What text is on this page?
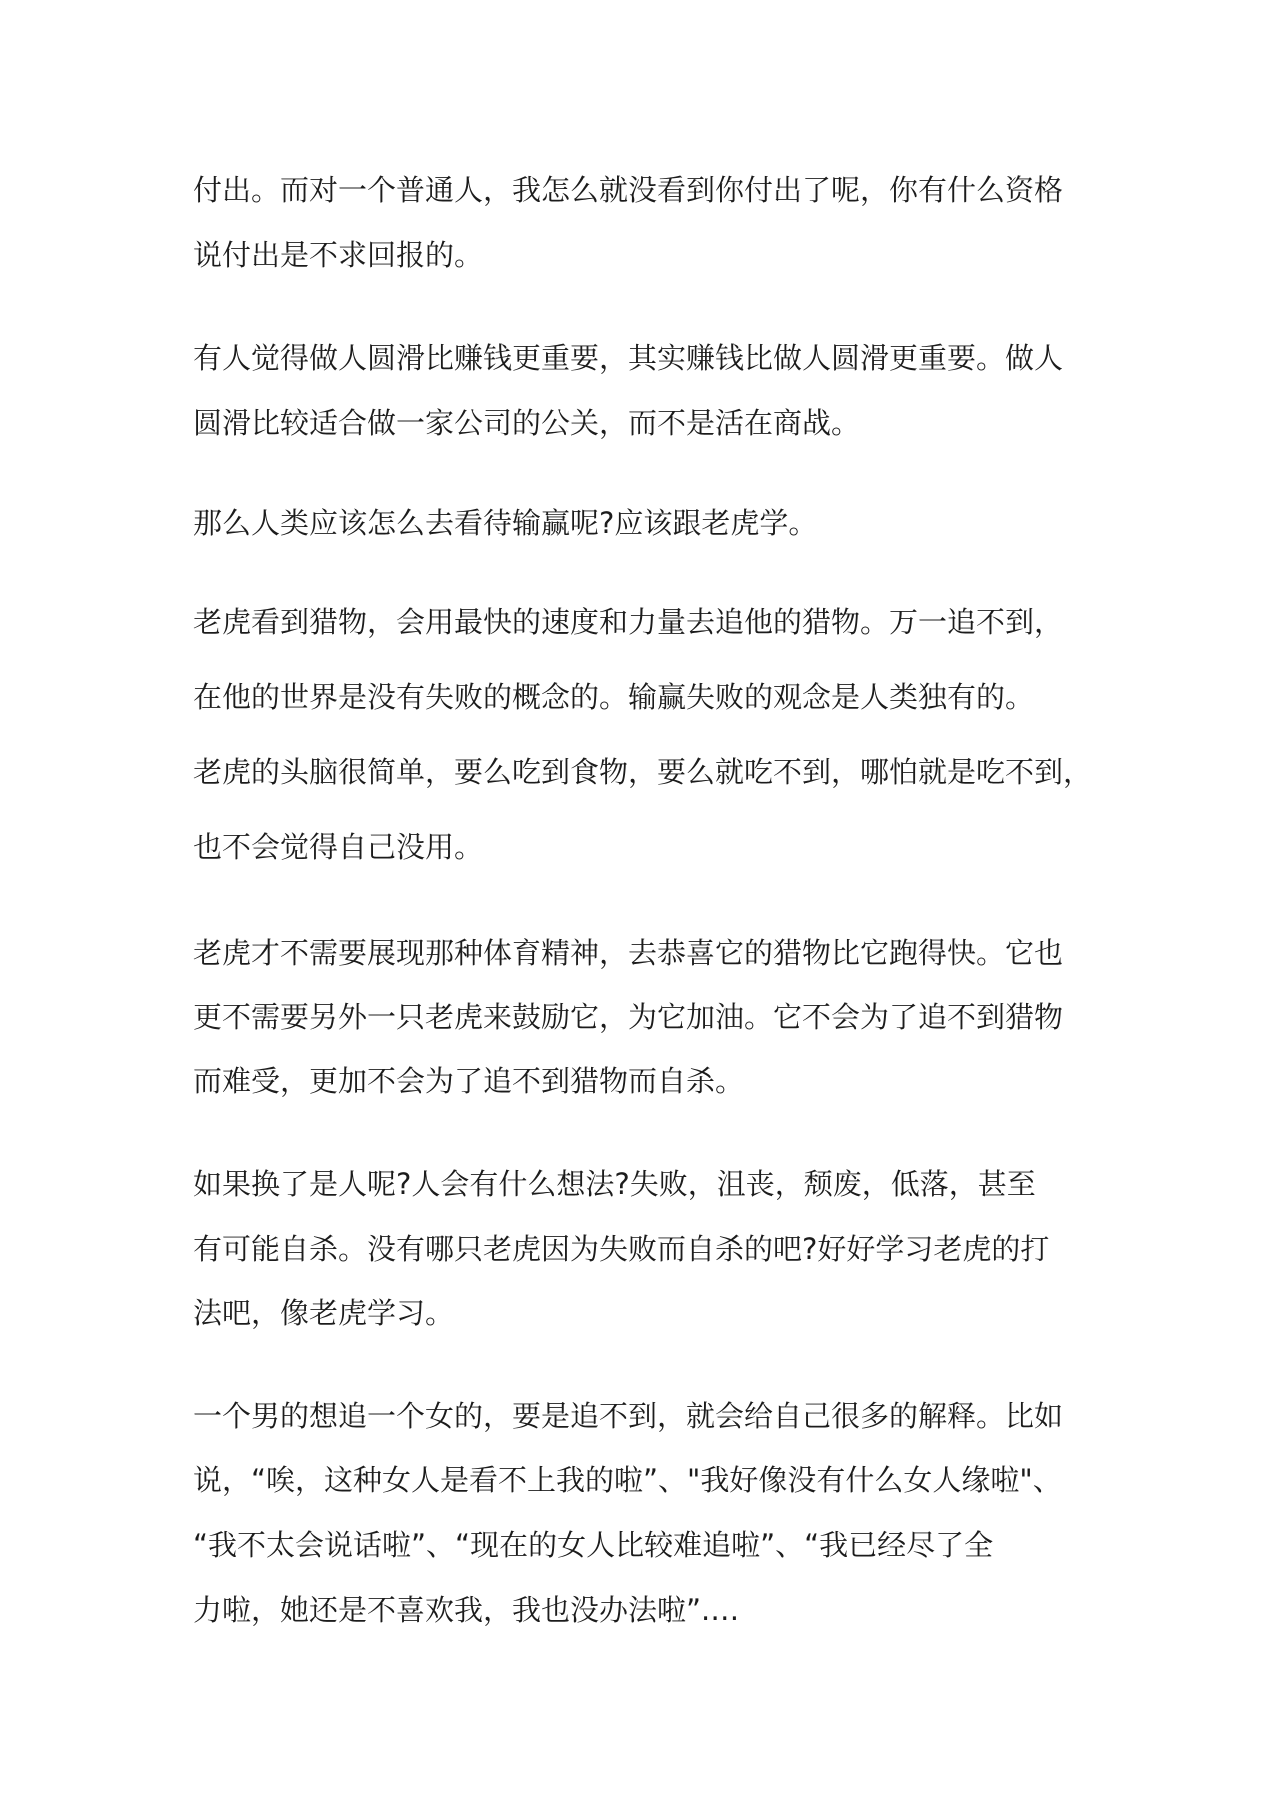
付出。而对一个普通人，我怎么就没看到你付出了呢，你有什么资格
说付出是不求回报的。
有人觉得做人圆滑比赚钱更重要，其实赚钱比做人圆滑更重要。做人
圆滑比较适合做一家公司的公关，而不是活在商战。
那么人类应该怎么去看待输赢呢?应该跟老虎学。
老虎看到猎物，会用最快的速度和力量去追他的猎物。万一追不到，
在他的世界是没有失败的概念的。输赢失败的观念是人类独有的。
老虎的头脑很简单，要么吃到食物，要么就吃不到，哪怕就是吃不到，
也不会觉得自己没用。
老虎才不需要展现那种体育精神，去恭喜它的猎物比它跑得快。它也
更不需要另外一只老虎来鼓励它，为它加油。它不会为了追不到猎物
而难受，更加不会为了追不到猎物而自杀。
如果换了是人呢?人会有什么想法?失败，沮丧，颓废，低落，甚至
有可能自杀。没有哪只老虎因为失败而自杀的吧?好好学习老虎的打
法吧，像老虎学习。
一个男的想追一个女的，要是追不到，就会给自己很多的解释。比如
说，“唉，这种女人是看不上我的啦”、"我好像没有什么女人缘啦"、
“我不太会说话啦”、“现在的女人比较难追啦”、“我已经尽了全
力啦，她还是不喜欢我，我也没办法啦”.…
